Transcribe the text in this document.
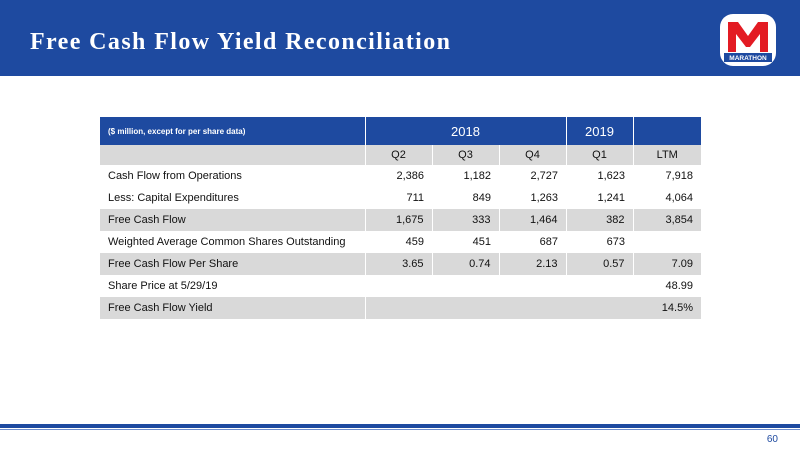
Free Cash Flow Yield Reconciliation
MARATHON
($ million, except for per share data)	2018			2019	
	Q2	Q3	Q4	Q1	LTM
Cash Flow from Operations	2,386	1,182	2,727	1,623	7,918
Less: Capital Expenditures	711	849	1,263	1,241	4,064
Free Cash Flow	1,675	333	1,464	382	3,854
Weighted Average Common Shares Outstanding	459	451	687	673	
Free Cash Flow Per Share	3.65	0.74	2.13	0.57	7.09
Share Price at 5/29/19					48.99
Free Cash Flow Yield					14.5%
60
